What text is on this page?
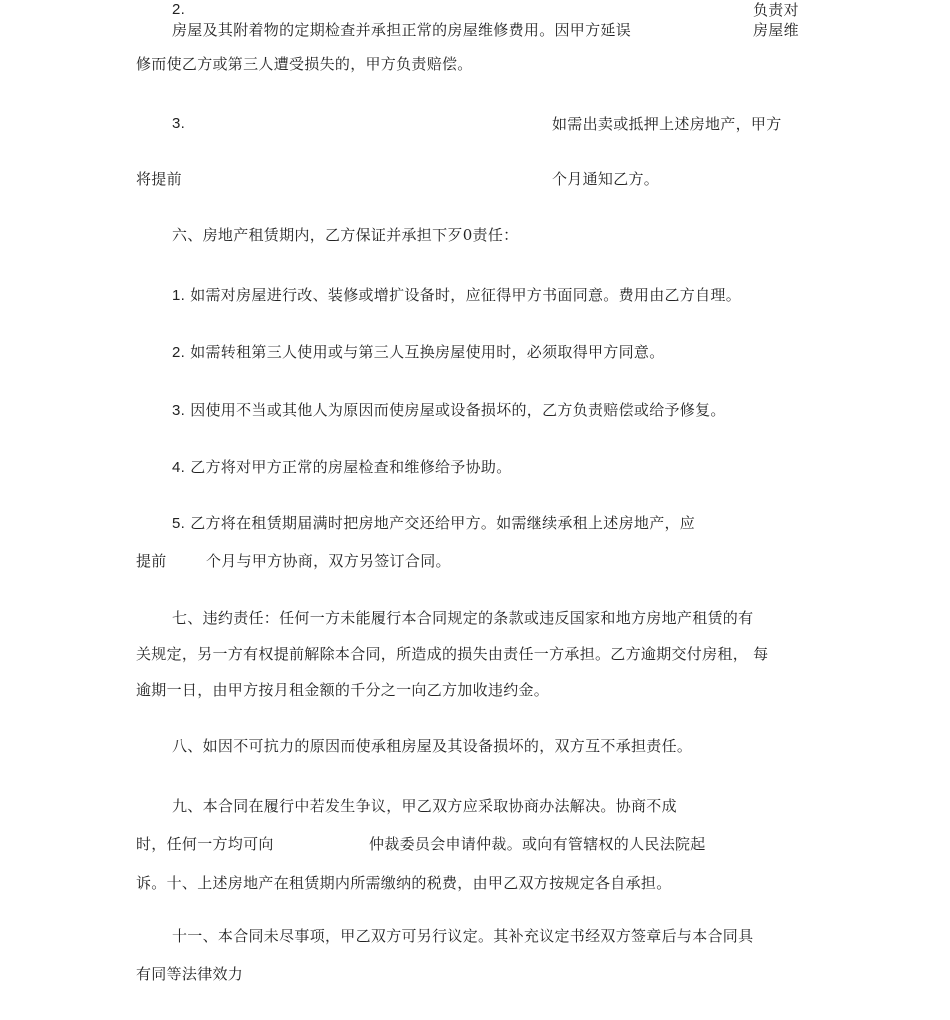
2.	负责对
房屋及其附着物的定期检查并承担正常的房屋维修费用。因甲方延误	房屋维
修而使乙方或第三人遭受损失的，甲方负责赔偿。
3.	如需出卖或抵押上述房地产，甲方
将提前	个月通知乙方。
六、房地产租赁期内，乙方保证并承担下歹0责任：
1. 如需对房屋进行改、装修或增扩设备时，应征得甲方书面同意。费用由乙方自理。
2. 如需转租第三人使用或与第三人互换房屋使用时，必须取得甲方同意。
3. 因使用不当或其他人为原因而使房屋或设备损坏的，乙方负责赔偿或给予修复。
4. 乙方将对甲方正常的房屋检查和维修给予协助。
5. 乙方将在租赁期届满时把房地产交还给甲方。如需继续承租上述房地产，应
提前	个月与甲方协商，双方另签订合同。
七、违约责任：任何一方未能履行本合同规定的条款或违反国家和地方房地产租赁的有
关规定，另一方有权提前解除本合同，所造成的损失由责任一方承担。乙方逾期交付房租， 每
逾期一日，由甲方按月租金额的千分之一向乙方加收违约金。
八、如因不可抗力的原因而使承租房屋及其设备损坏的，双方互不承担责任。
九、本合同在履行中若发生争议，甲乙双方应采取协商办法解决。协商不成
时，任何一方均可向	仲裁委员会申请仲裁。或向有管辖权的人民法院起
诉。十、上述房地产在租赁期内所需缴纳的税费，由甲乙双方按规定各自承担。
十一、本合同未尽事项，甲乙双方可另行议定。其补充议定书经双方签章后与本合同具
有同等法律效力
